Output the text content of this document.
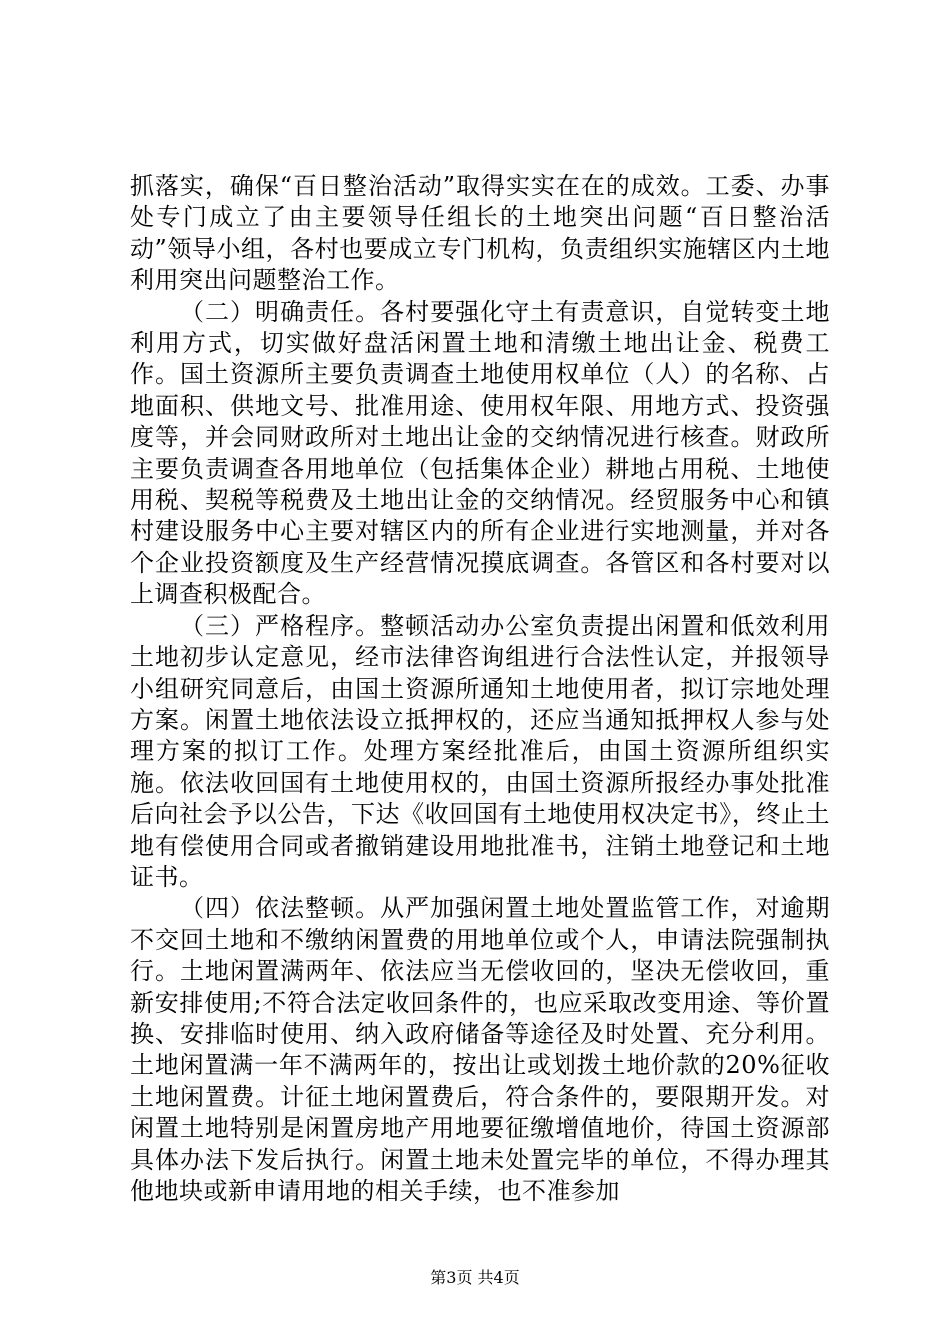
抓落实，确保“百日整治活动”取得实实在在的成效。工委、办事处专门成立了由主要领导任组长的土地突出问题“百日整治活动”领导小组，各村也要成立专门机构，负责组织实施辖区内土地利用突出问题整治工作。

（二）明确责任。各村要强化守土有责意识，自觉转变土地利用方式，切实做好盘活闲置土地和清缴土地出让金、税费工作。国土资源所主要负责调查土地使用权单位（人）的名称、占地面积、供地文号、批准用途、使用权年限、用地方式、投资强度等，并会同财政所对土地出让金的交纳情况进行核查。财政所主要负责调查各用地单位（包括集体企业）耕地占用税、土地使用税、契税等税费及土地出让金的交纳情况。经贸服务中心和镇村建设服务中心主要对辖区内的所有企业进行实地测量，并对各个企业投资额度及生产经营情况摸底调查。各管区和各村要对以上调查积极配合。

（三）严格程序。整顿活动办公室负责提出闲置和低效利用土地初步认定意见，经市法律咨询组进行合法性认定，并报领导小组研究同意后，由国土资源所通知土地使用者，拟订宗地处理方案。闲置土地依法设立抵押权的，还应当通知抵押权人参与处理方案的拟订工作。处理方案经批准后，由国土资源所组织实施。依法收回国有土地使用权的，由国土资源所报经办事处批准后向社会予以公告，下达《收回国有土地使用权决定书》，终止土地有偿使用合同或者撤销建设用地批准书，注销土地登记和土地证书。

（四）依法整顿。从严加强闲置土地处置监管工作，对逾期不交回土地和不缴纳闲置费的用地单位或个人，申请法院强制执行。土地闲置满两年、依法应当无偿收回的，坚决无偿收回，重新安排使用;不符合法定收回条件的，也应采取改变用途、等价置换、安排临时使用、纳入政府储备等途径及时处置、充分利用。土地闲置满一年不满两年的，按出让或划拨土地价款的20%征收土地闲置费。计征土地闲置费后，符合条件的，要限期开发。对闲置土地特别是闲置房地产用地要征缴增值地价，待国土资源部具体办法下发后执行。闲置土地未处置完毕的单位，不得办理其他地块或新申请用地的相关手续，也不准参加

第3页 共4页
